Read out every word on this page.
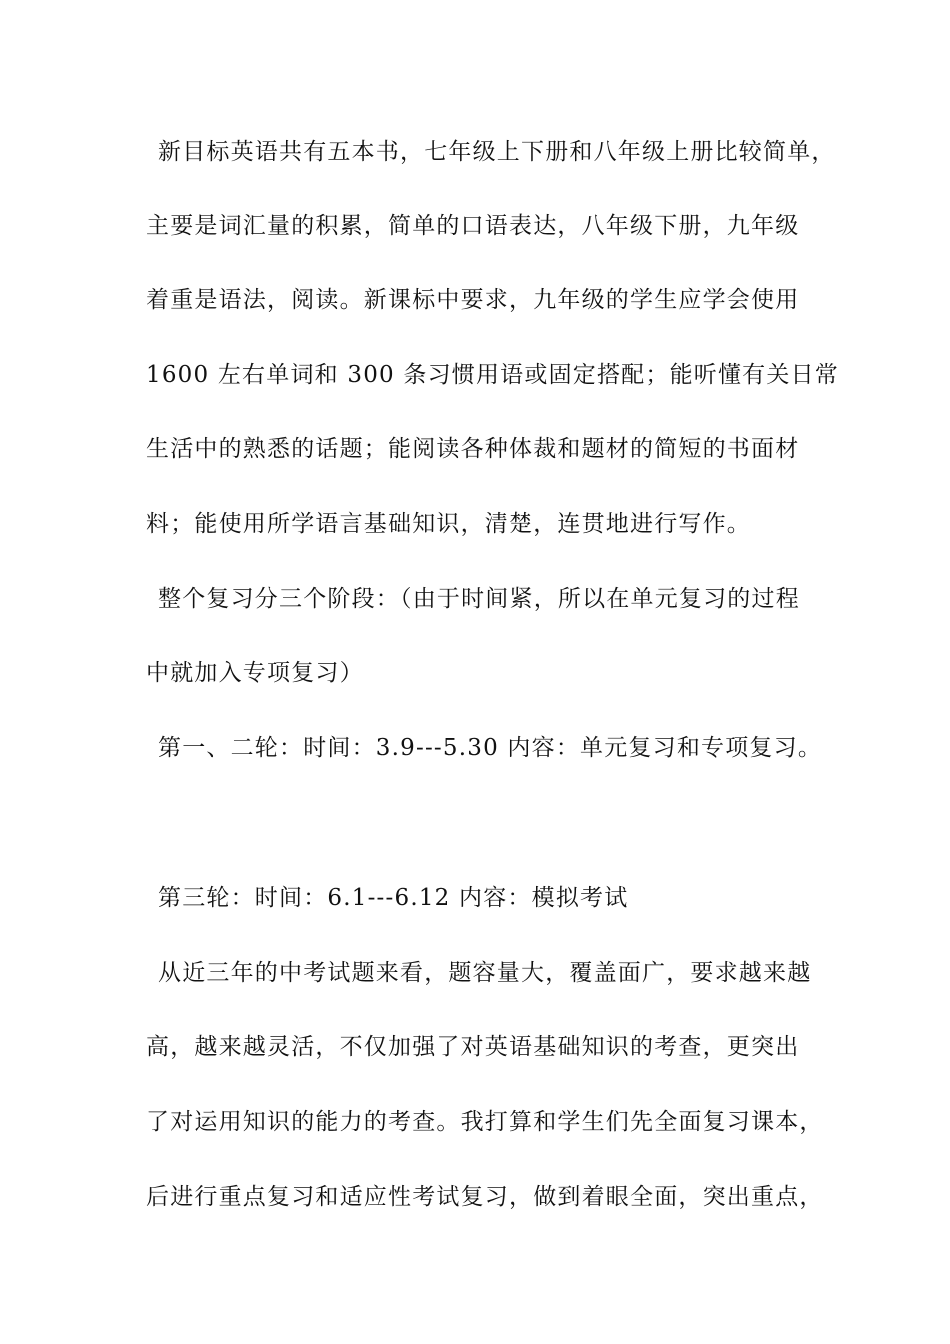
新目标英语共有五本书，七年级上下册和八年级上册比较简单，
主要是词汇量的积累，简单的口语表达，八年级下册，九年级
着重是语法，阅读。新课标中要求，九年级的学生应学会使用
1600 左右单词和 300 条习惯用语或固定搭配；能听懂有关日常
生活中的熟悉的话题；能阅读各种体裁和题材的简短的书面材
料；能使用所学语言基础知识，清楚，连贯地进行写作。
整个复习分三个阶段：（由于时间紧，所以在单元复习的过程
中就加入专项复习）
第一、二轮：时间：3.9---5.30 内容：单元复习和专项复习。
第三轮：时间：6.1---6.12 内容：模拟考试
从近三年的中考试题来看，题容量大，覆盖面广，要求越来越
高，越来越灵活，不仅加强了对英语基础知识的考查，更突出
了对运用知识的能力的考查。我打算和学生们先全面复习课本，
后进行重点复习和适应性考试复习，做到着眼全面，突出重点，
